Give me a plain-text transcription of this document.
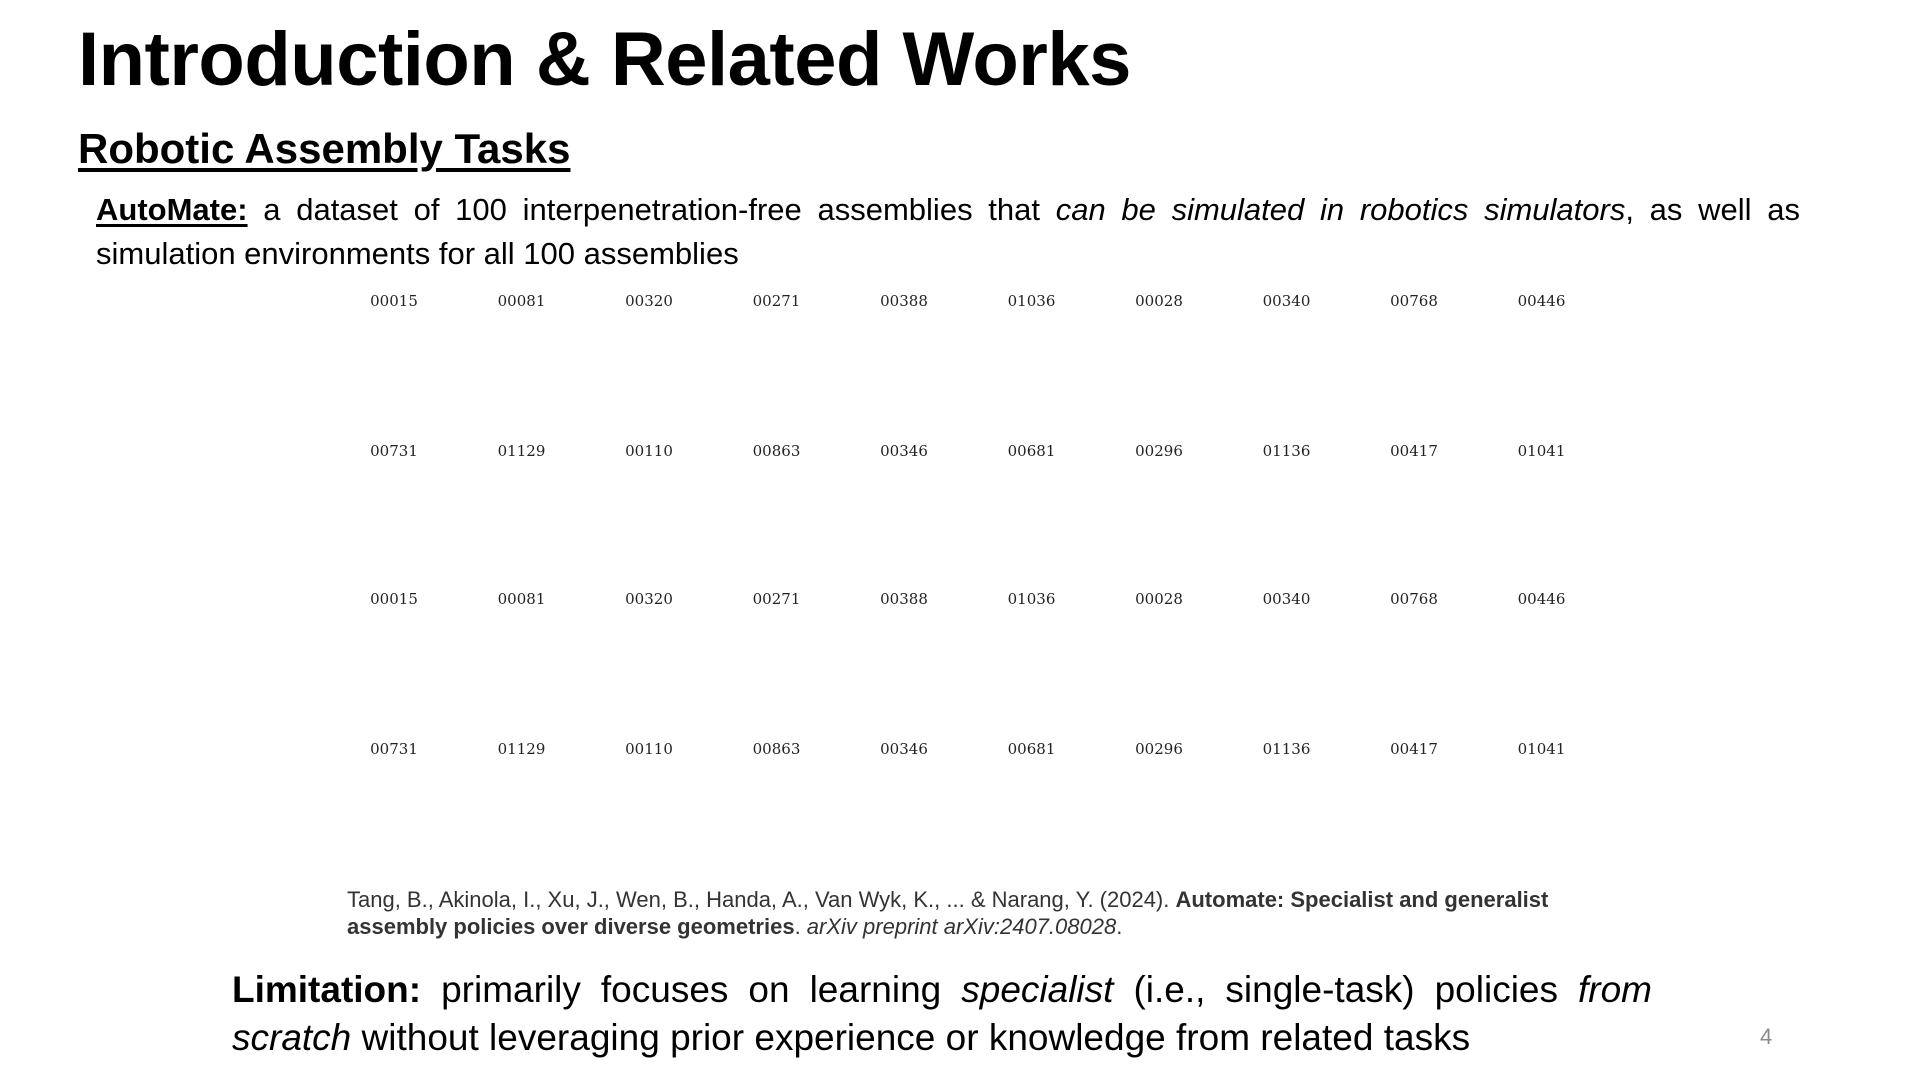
Introduction & Related Works
Robotic Assembly Tasks

AutoMate: a dataset of 100 interpenetration-free assemblies that can be simulated in robotics simulators, as well as simulation environments for all 100 assemblies

00015	00081	00320	00271	00388	01036	00028	00340	00768	00446
00731	01129	00110	00863	00346	00681	00296	01136	00417	01041
00015	00081	00320	00271	00388	01036	00028	00340	00768	00446
00731	01129	00110	00863	00346	00681	00296	01136	00417	01041

Tang, B., Akinola, I., Xu, J., Wen, B., Handa, A., Van Wyk, K., ... & Narang, Y. (2024). Automate: Specialist and generalist assembly policies over diverse geometries. arXiv preprint arXiv:2407.08028.

Limitation: primarily focuses on learning specialist (i.e., single-task) policies from scratch without leveraging prior experience or knowledge from related tasks	4
